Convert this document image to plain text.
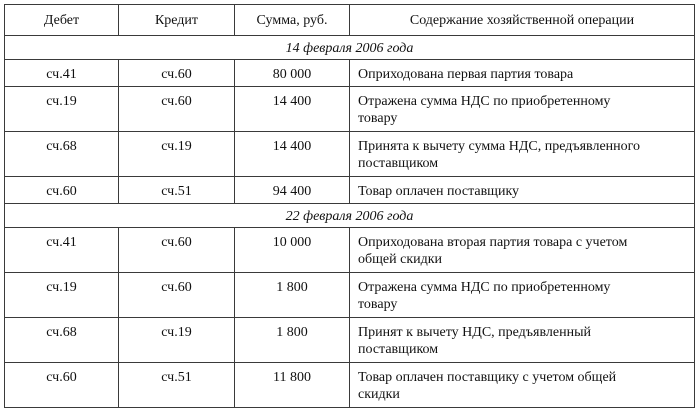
Дебет	Кредит	Сумма, руб.	Содержание хозяйственной операции
14 февраля 2006 года			
сч.41	сч.60	80 000	Оприходована первая партия товара

сч.19	сч.60	14 400	Отражена сумма НДС по приобретенному
товару

сч.68	сч.19	14 400	Принята к вычету сумма НДС, предъявленного
поставщиком

сч.60	сч.51	94 400	Товар оплачен поставщику

22 февраля 2006 года			
сч.41	сч.60	10 000	Оприходована вторая партия товара с учетом
общей скидки

сч.19	сч.60	1 800	Отражена сумма НДС по приобретенному
товару

сч.68	сч.19	1 800	Принят к вычету НДС, предъявленный
поставщиком

сч.60	сч.51	11 800	Товар оплачен поставщику с учетом общей
скидки
